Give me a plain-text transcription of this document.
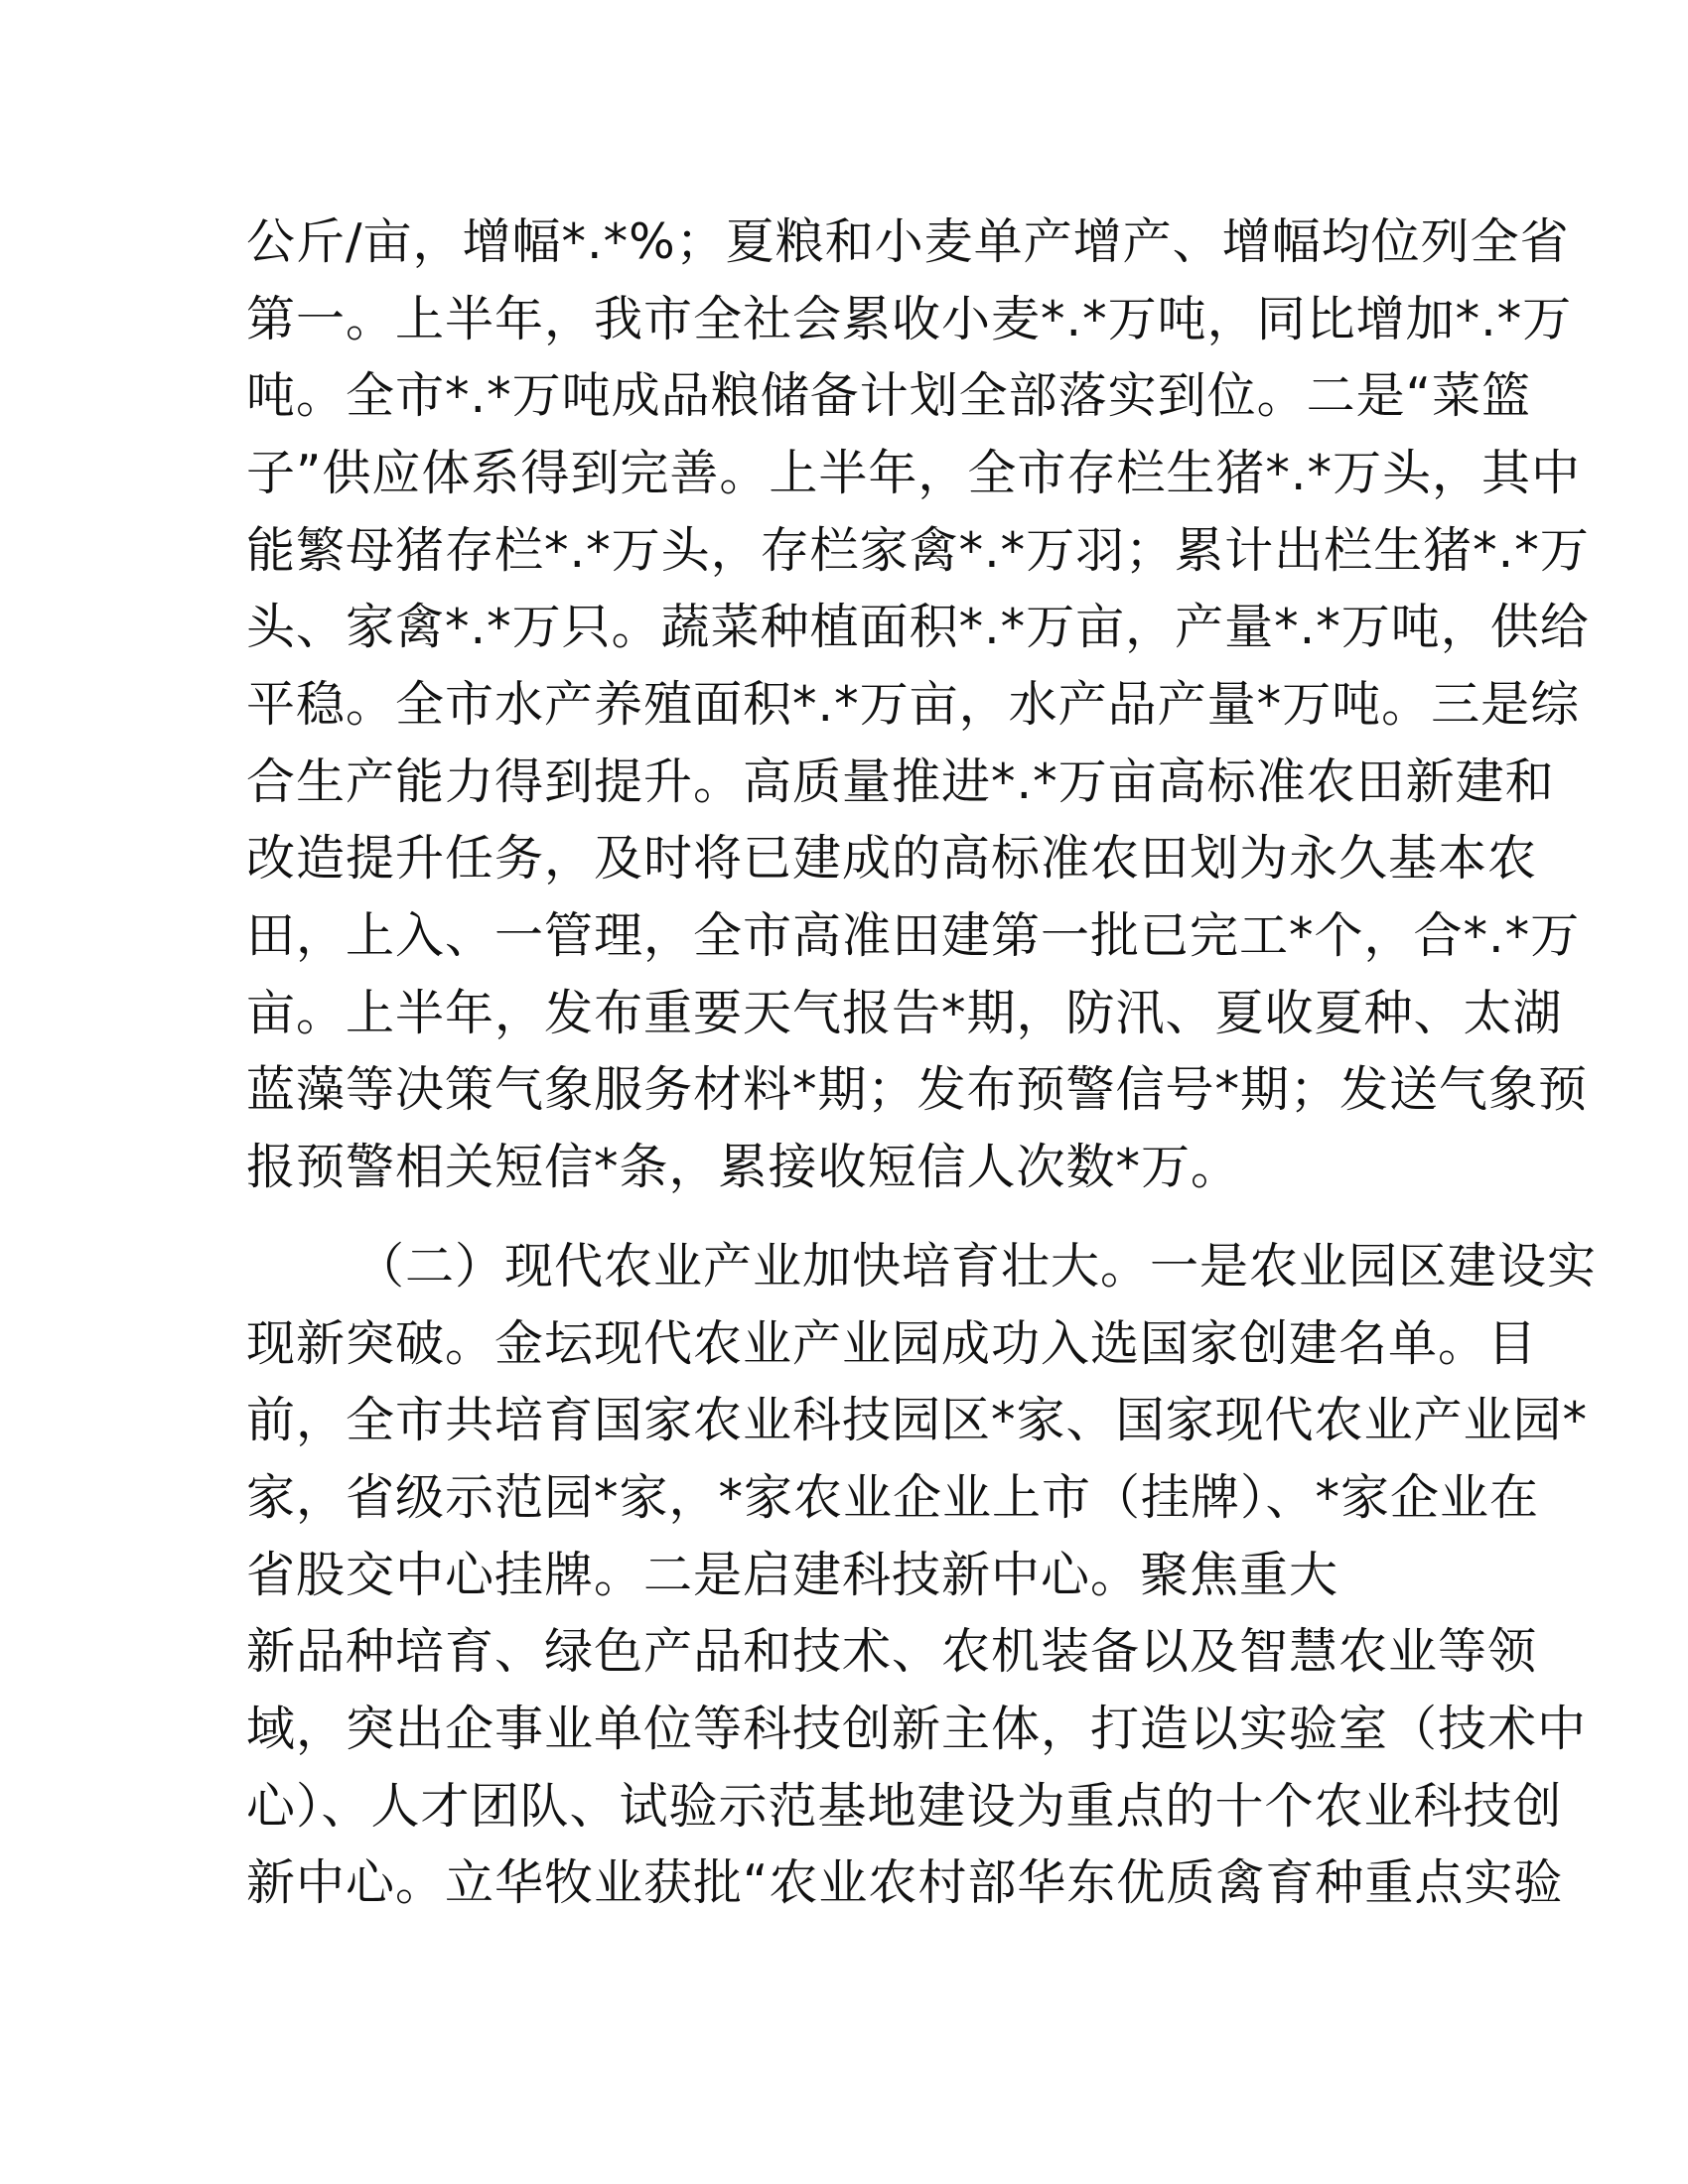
公斤/亩，增幅*.*%；夏粮和小麦单产增产、增幅均位列全省
第一。上半年，我市全社会累收小麦*.*万吨，同比增加*.*万
吨。全市*.*万吨成品粮储备计划全部落实到位。二是“菜篮
子”供应体系得到完善。上半年，全市存栏生猪*.*万头，其中
能繁母猪存栏*.*万头，存栏家禽*.*万羽；累计出栏生猪*.*万
头、家禽*.*万只。蔬菜种植面积*.*万亩，产量*.*万吨，供给
平稳。全市水产养殖面积*.*万亩，水产品产量*万吨。三是综
合生产能力得到提升。高质量推进*.*万亩高标准农田新建和
改造提升任务，及时将已建成的高标准农田划为永久基本农
田，上入、一管理，全市高准田建第一批已完工*个，合*.*万
亩。上半年，发布重要天气报告*期，防汛、夏收夏种、太湖
蓝藻等决策气象服务材料*期；发布预警信号*期；发送气象预
报预警相关短信*条，累接收短信人次数*万。
（二）现代农业产业加快培育壮大。一是农业园区建设实
现新突破。金坛现代农业产业园成功入选国家创建名单。目
前，全市共培育国家农业科技园区*家、国家现代农业产业园*
家，省级示范园*家，*家农业企业上市（挂牌）、*家企业在
省股交中心挂牌。二是启建科技新中心。聚焦重大
新品种培育、绿色产品和技术、农机装备以及智慧农业等领
域，突出企事业单位等科技创新主体，打造以实验室（技术中
心）、人才团队、试验示范基地建设为重点的十个农业科技创
新中心。立华牧业获批“农业农村部华东优质禽育种重点实验
